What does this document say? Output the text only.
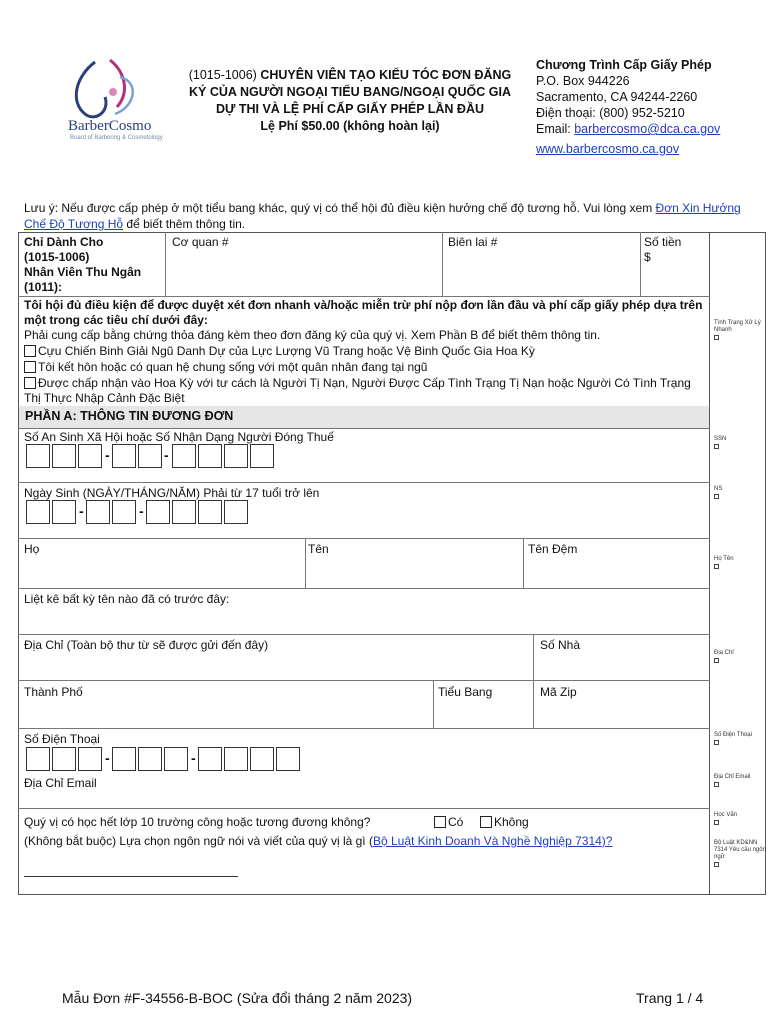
BarberCosmo
Board of Barbering & Cosmetology
(1015-1006) CHUYÊN VIÊN TẠO KIỂU TÓC ĐƠN ĐĂNG KÝ CỦA NGƯỜI NGOẠI TIỂU BANG/NGOẠI QUỐC GIA DỰ THI VÀ LỆ PHÍ CẤP GIẤY PHÉP LẦN ĐẦU
Lệ Phí $50.00 (không hoàn lại)
Chương Trình Cấp Giấy Phép
P.O. Box 944226
Sacramento, CA 94244-2260
Điện thoại: (800) 952-5210
Email: barbercosmo@dca.ca.gov
www.barbercosmo.ca.gov
Lưu ý: Nếu được cấp phép ở một tiểu bang khác, quý vị có thể hội đủ điều kiện hưởng chế độ tương hỗ. Vui lòng xem Đơn Xin Hưởng Chế Độ Tương Hỗ để biết thêm thông tin.
Chỉ Dành Cho
(1015-1006)
Nhân Viên Thu Ngân
(1011):
Cơ quan #	Biên lai #	Số tiền
$
Tôi hội đủ điều kiện để được duyệt xét đơn nhanh và/hoặc miễn trừ phí nộp đơn lần đầu và phí cấp giấy phép dựa trên một trong các tiêu chí dưới đây:
Phải cung cấp bằng chứng thỏa đáng kèm theo đơn đăng ký của quý vị. Xem Phần B để biết thêm thông tin.
Cựu Chiến Binh Giải Ngũ Danh Dự của Lực Lượng Vũ Trang hoặc Vệ Binh Quốc Gia Hoa Kỳ
Tôi kết hôn hoặc có quan hệ chung sống với một quân nhân đang tại ngũ
Được chấp nhận vào Hoa Kỳ với tư cách là Người Tị Nạn, Người Được Cấp Tình Trạng Tị Nạn hoặc Người Có Tình Trạng Thị Thực Nhập Cảnh Đặc Biệt
PHẦN A: THÔNG TIN ĐƯƠNG ĐƠN
Số An Sinh Xã Hội hoặc Số Nhận Dạng Người Đóng Thuế
-	-
Ngày Sinh (NGÀY/THÁNG/NĂM) Phải từ 17 tuổi trở lên
-	-
Họ	Tên	Tên Đệm
Liệt kê bất kỳ tên nào đã có trước đây:
Địa Chỉ (Toàn bộ thư từ sẽ được gửi đến đây)	Số Nhà
Thành Phố	Tiểu Bang	Mã Zip
Số Điện Thoại
-	-
Địa Chỉ Email
Quý vị có học hết lớp 10 trường công hoặc tương đương không?	Có	Không
(Không bắt buộc) Lựa chọn ngôn ngữ nói và viết của quý vị là gì (Bộ Luật Kinh Doanh Và Nghề Nghiệp 7314)?
Tình Trạng Xử Lý Nhanh
SSN
NS
Họ Tên
Địa Chỉ
Số Điện Thoại
Địa Chỉ Email
Học Vấn
Bộ Luật KD&NN 7314 Yêu cầu ngôn ngữ
Mẫu Đơn #F-34556-B-BOC (Sửa đổi tháng 2 năm 2023)	Trang 1 / 4
